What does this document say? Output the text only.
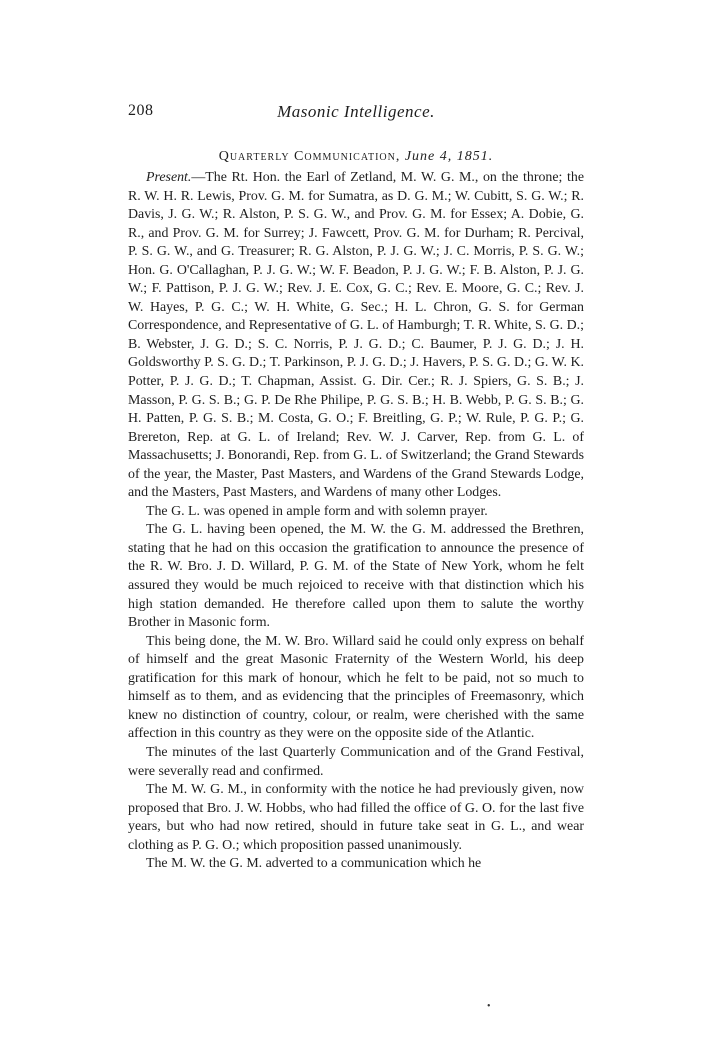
208	Masonic Intelligence.
Quarterly Communication, June 4, 1851.

Present.—The Rt. Hon. the Earl of Zetland, M. W. G. M., on the throne; the R. W. H. R. Lewis, Prov. G. M. for Sumatra, as D. G. M.; W. Cubitt, S. G. W.; R. Davis, J. G. W.; R. Alston, P. S. G. W., and Prov. G. M. for Essex; A. Dobie, G. R., and Prov. G. M. for Surrey; J. Fawcett, Prov. G. M. for Durham; R. Percival, P. S. G. W., and G. Treasurer; R. G. Alston, P. J. G. W.; J. C. Morris, P. S. G. W.; Hon. G. O'Callaghan, P. J. G. W.; W. F. Beadon, P. J. G. W.; F. B. Alston, P. J. G. W.; F. Pattison, P. J. G. W.; Rev. J. E. Cox, G. C.; Rev. E. Moore, G. C.; Rev. J. W. Hayes, P. G. C.; W. H. White, G. Sec.; H. L. Chron, G. S. for German Correspondence, and Representative of G. L. of Hamburgh; T. R. White, S. G. D.; B. Webster, J. G. D.; S. C. Norris, P. J. G. D.; C. Baumer, P. J. G. D.; J. H. Goldsworthy P. S. G. D.; T. Parkinson, P. J. G. D.; J. Havers, P. S. G. D.; G. W. K. Potter, P. J. G. D.; T. Chapman, Assist. G. Dir. Cer.; R. J. Spiers, G. S. B.; J. Masson, P. G. S. B.; G. P. De Rhe Philipe, P. G. S. B.; H. B. Webb, P. G. S. B.; G. H. Patten, P. G. S. B.; M. Costa, G. O.; F. Breitling, G. P.; W. Rule, P. G. P.; G. Brereton, Rep. at G. L. of Ireland; Rev. W. J. Carver, Rep. from G. L. of Massachusetts; J. Bonorandi, Rep. from G. L. of Switzerland; the Grand Stewards of the year, the Master, Past Masters, and Wardens of the Grand Stewards Lodge, and the Masters, Past Masters, and Wardens of many other Lodges.

The G. L. was opened in ample form and with solemn prayer.

The G. L. having been opened, the M. W. the G. M. addressed the Brethren, stating that he had on this occasion the gratification to announce the presence of the R. W. Bro. J. D. Willard, P. G. M. of the State of New York, whom he felt assured they would be much rejoiced to receive with that distinction which his high station demanded. He therefore called upon them to salute the worthy Brother in Masonic form.

This being done, the M. W. Bro. Willard said he could only express on behalf of himself and the great Masonic Fraternity of the Western World, his deep gratification for this mark of honour, which he felt to be paid, not so much to himself as to them, and as evidencing that the principles of Freemasonry, which knew no distinction of country, colour, or realm, were cherished with the same affection in this country as they were on the opposite side of the Atlantic.

The minutes of the last Quarterly Communication and of the Grand Festival, were severally read and confirmed.

The M. W. G. M., in conformity with the notice he had previously given, now proposed that Bro. J. W. Hobbs, who had filled the office of G. O. for the last five years, but who had now retired, should in future take seat in G. L., and wear clothing as P. G. O.; which proposition passed unanimously.

The M. W. the G. M. adverted to a communication which he

•
